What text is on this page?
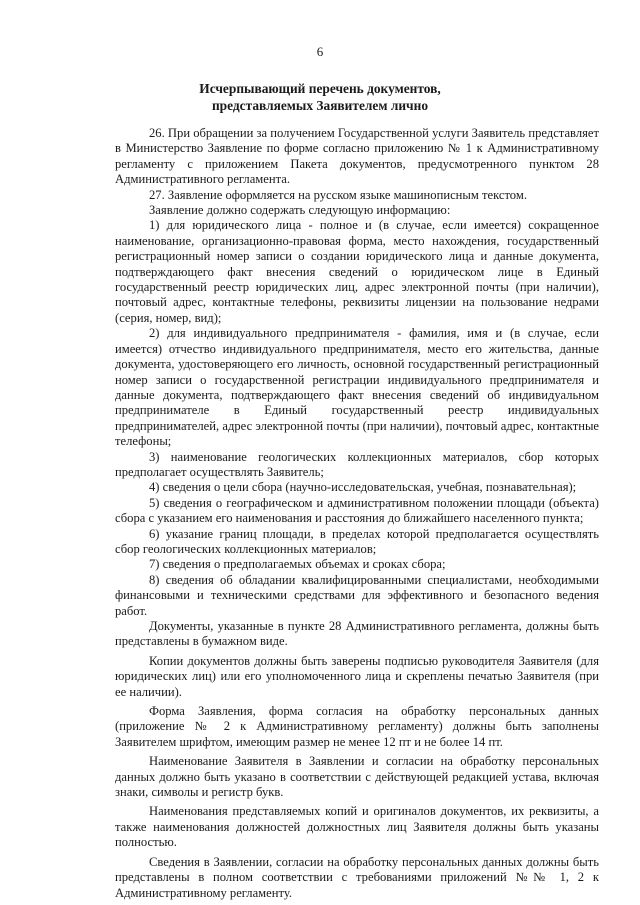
6
Исчерпывающий перечень документов,
представляемых Заявителем лично

26. При обращении за получением Государственной услуги Заявитель представляет в Министерство Заявление по форме согласно приложению № 1 к Административному регламенту с приложением Пакета документов, предусмотренного пунктом 28 Административного регламента.

27. Заявление оформляется на русском языке машинописным текстом.

Заявление должно содержать следующую информацию:

1) для юридического лица - полное и (в случае, если имеется) сокращенное наименование, организационно-правовая форма, место нахождения, государственный регистрационный номер записи о создании юридического лица и данные документа, подтверждающего факт внесения сведений о юридическом лице в Единый государственный реестр юридических лиц, адрес электронной почты (при наличии), почтовый адрес, контактные телефоны, реквизиты лицензии на пользование недрами (серия, номер, вид);

2) для индивидуального предпринимателя - фамилия, имя и (в случае, если имеется) отчество индивидуального предпринимателя, место его жительства, данные документа, удостоверяющего его личность, основной государственный регистрационный номер записи о государственной регистрации индивидуального предпринимателя и данные документа, подтверждающего факт внесения сведений об индивидуальном предпринимателе в Единый государственный реестр индивидуальных предпринимателей, адрес электронной почты (при наличии), почтовый адрес, контактные телефоны;

3) наименование геологических коллекционных материалов, сбор которых предполагает осуществлять Заявитель;

4) сведения о цели сбора (научно-исследовательская, учебная, познавательная);

5) сведения о географическом и административном положении площади (объекта) сбора с указанием его наименования и расстояния до ближайшего населенного пункта;

6) указание границ площади, в пределах которой предполагается осуществлять сбор геологических коллекционных материалов;

7) сведения о предполагаемых объемах и сроках сбора;

8) сведения об обладании квалифицированными специалистами, необходимыми финансовыми и техническими средствами для эффективного и безопасного ведения работ.

Документы, указанные в пункте 28 Административного регламента, должны быть представлены в бумажном виде.

Копии документов должны быть заверены подписью руководителя Заявителя (для юридических лиц) или его уполномоченного лица и скреплены печатью Заявителя (при ее наличии).

Форма Заявления, форма согласия на обработку персональных данных (приложение № 2 к Административному регламенту) должны быть заполнены Заявителем шрифтом, имеющим размер не менее 12 пт и не более 14 пт.

Наименование Заявителя в Заявлении и согласии на обработку персональных данных должно быть указано в соответствии с действующей редакцией устава, включая знаки, символы и регистр букв.

Наименования представляемых копий и оригиналов документов, их реквизиты, а также наименования должностей должностных лиц Заявителя должны быть указаны полностью.

Сведения в Заявлении, согласии на обработку персональных данных должны быть представлены в полном соответствии с требованиями приложений №№ 1, 2 к Административному регламенту.
